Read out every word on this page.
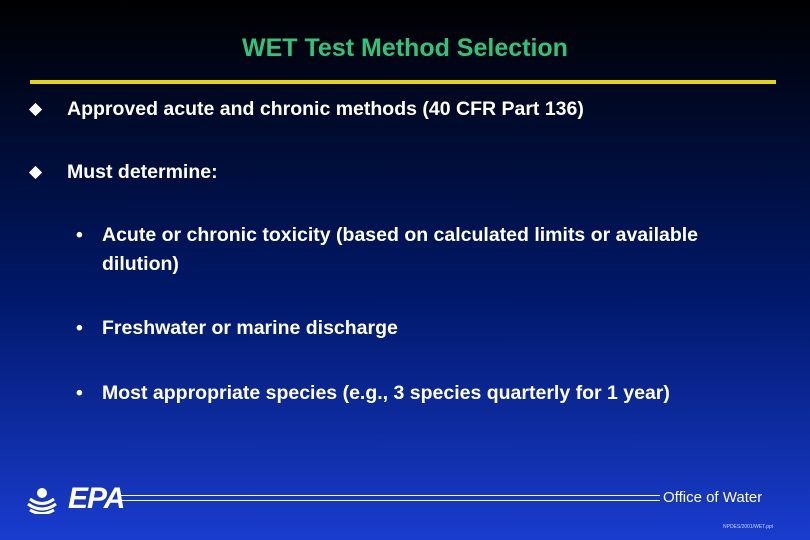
WET Test Method Selection
Approved acute and chronic methods (40 CFR Part 136)
Must determine:
• Acute or chronic toxicity (based on calculated limits or available dilution)
• Freshwater or marine discharge
• Most appropriate species (e.g., 3 species quarterly for 1 year)
EPA	Office of Water
NPDES/2001/WET.ppt
